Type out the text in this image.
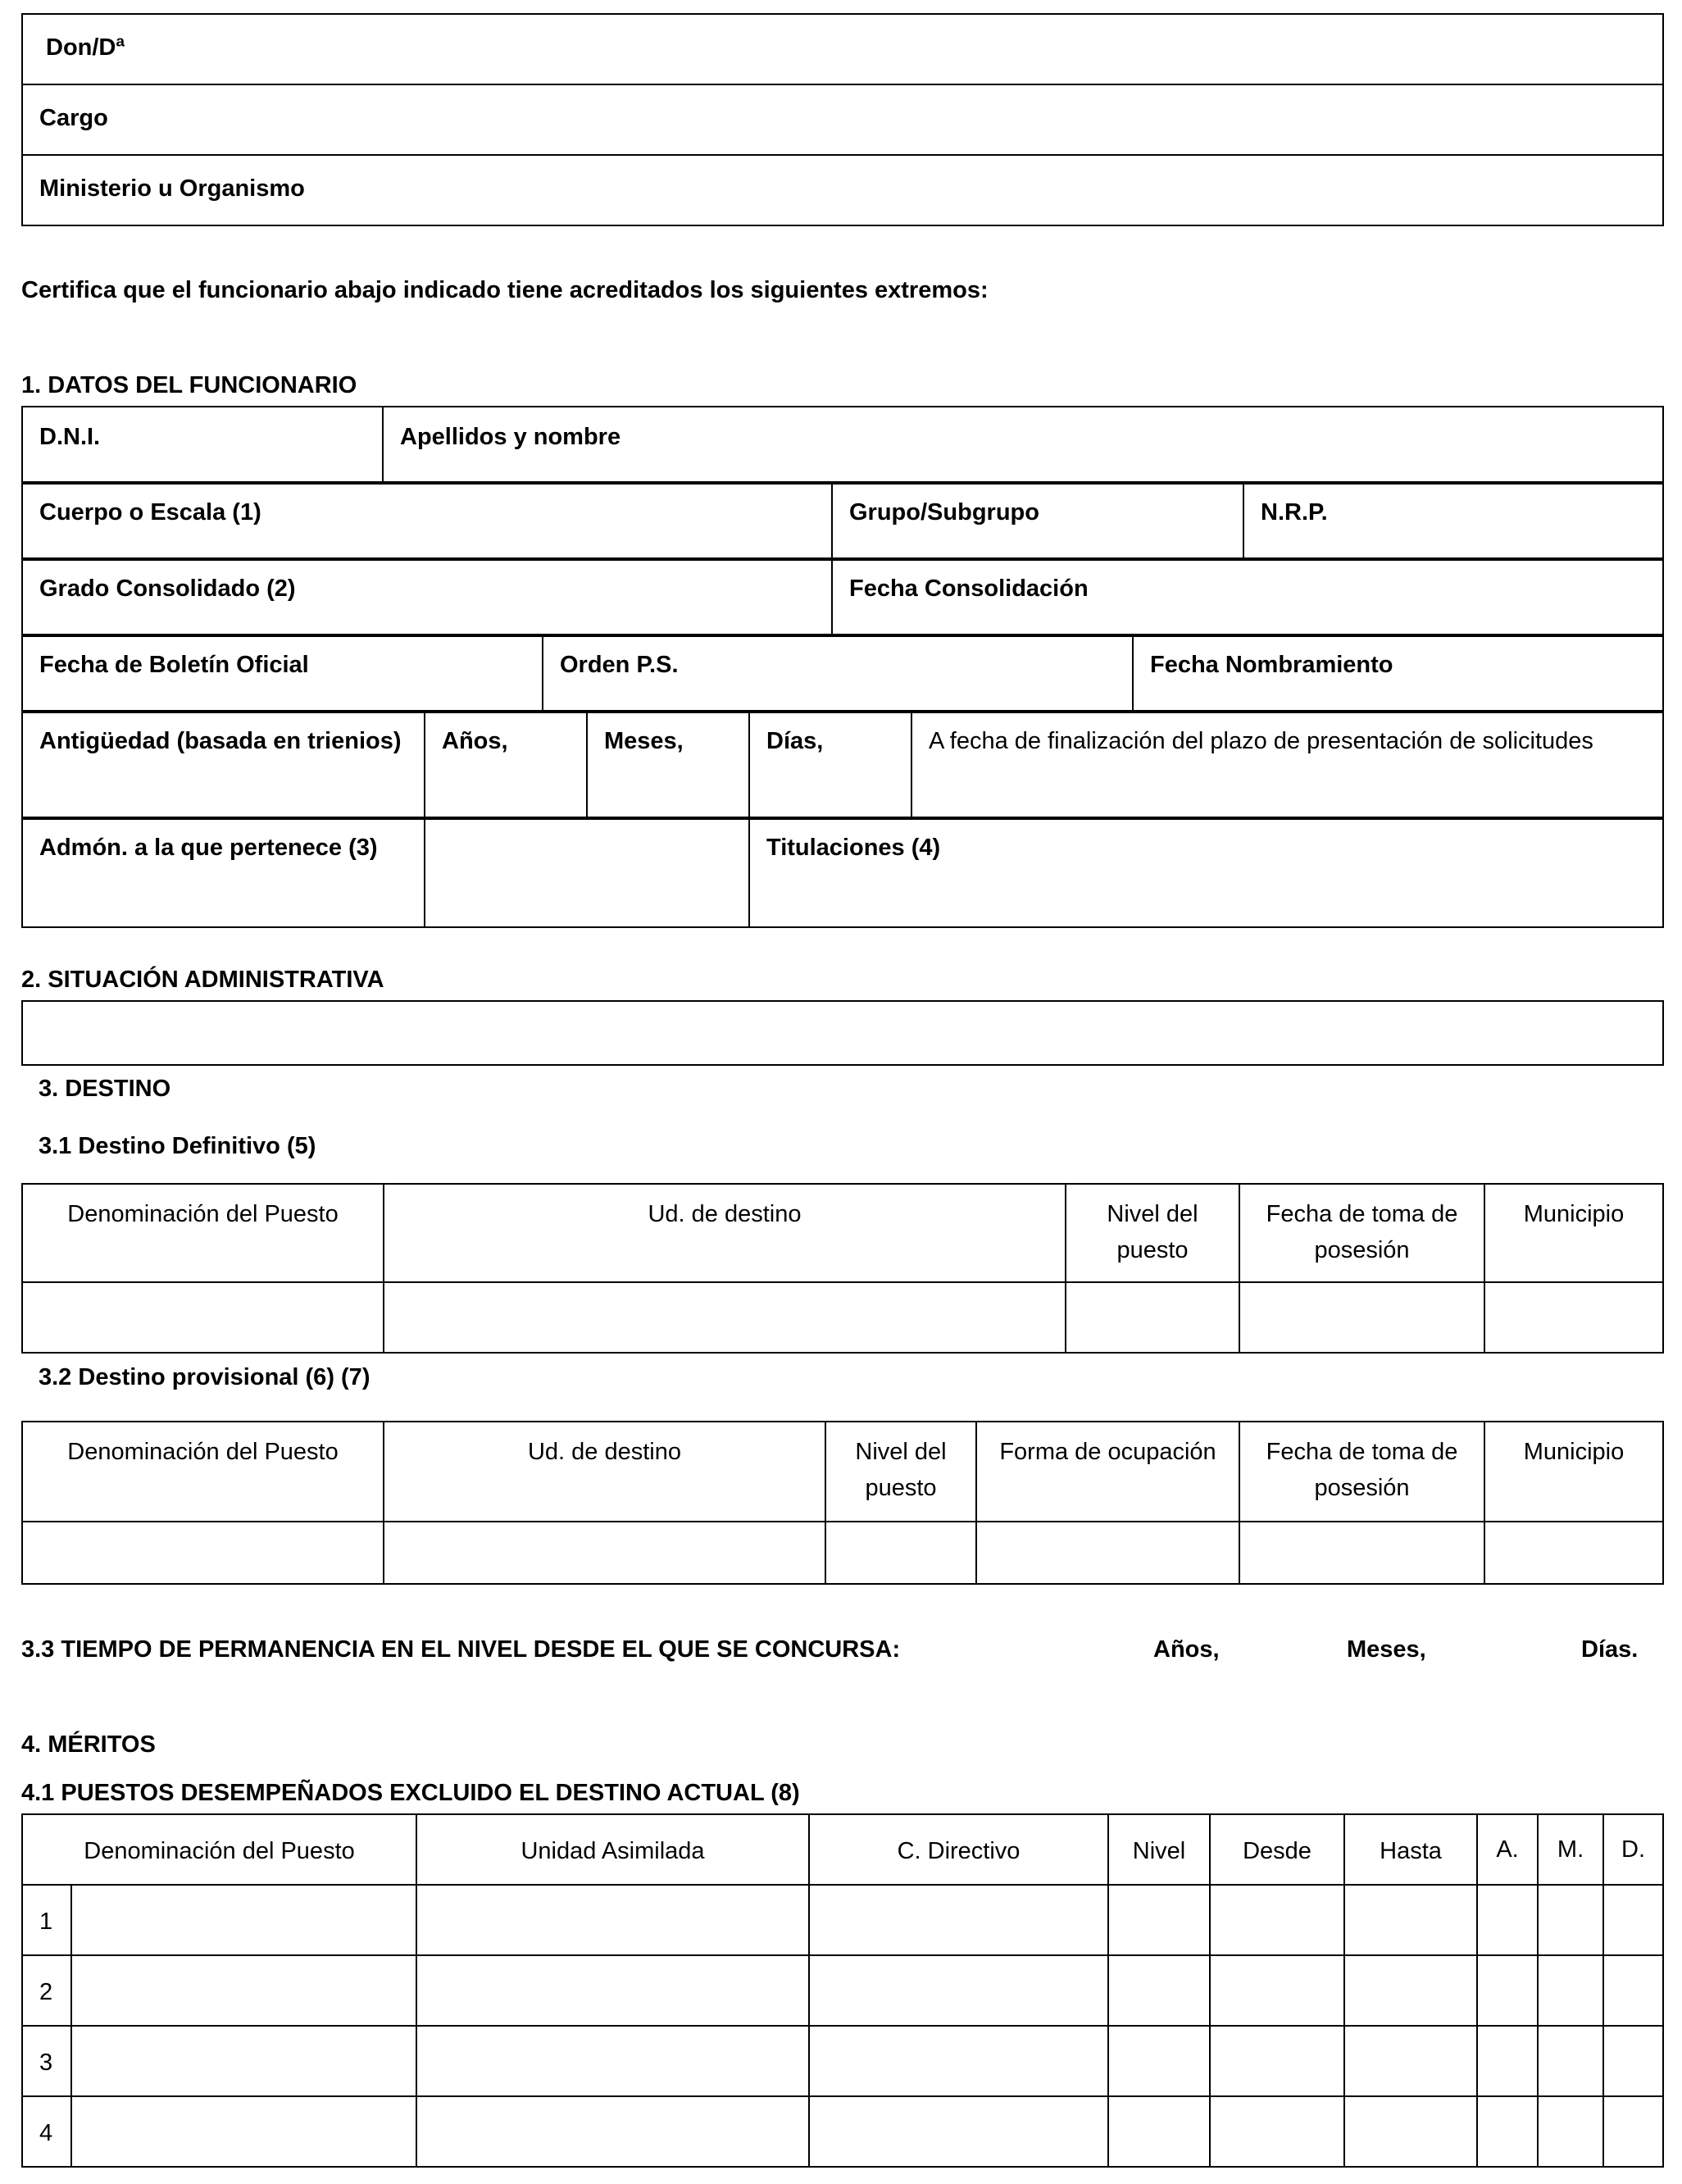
Don/Dª
Cargo
Ministerio u Organismo
Certifica que el funcionario abajo indicado tiene acreditados los siguientes extremos:
1. DATOS DEL FUNCIONARIO
D.N.I.	Apellidos y nombre
Cuerpo o Escala (1)	Grupo/Subgrupo	N.R.P.
Grado Consolidado (2)	Fecha Consolidación
Fecha de Boletín Oficial	Orden P.S.	Fecha Nombramiento
Antigüedad (basada en trienios)	Años,	Meses,	Días,	A fecha de finalización del plazo de presentación de solicitudes
Admón. a la que pertenece (3)		Titulaciones (4)
2. SITUACIÓN ADMINISTRATIVA
3. DESTINO
3.1 Destino Definitivo (5)
Denominación del Puesto	Ud. de destino	Nivel del puesto	Fecha de toma de posesión	Municipio

3.2 Destino provisional (6) (7)
Denominación del Puesto	Ud. de destino	Nivel del puesto	Forma de ocupación	Fecha de toma de posesión	Municipio

3.3 TIEMPO DE PERMANENCIA EN EL NIVEL DESDE EL QUE SE CONCURSA:	Años,	Meses,	Días.
4. MÉRITOS
4.1 PUESTOS DESEMPEÑADOS EXCLUIDO EL DESTINO ACTUAL (8)
Denominación del Puesto		Unidad Asimilada	C. Directivo	Nivel	Desde	Hasta	A.	M.	D.
1									
2									
3									
4									
